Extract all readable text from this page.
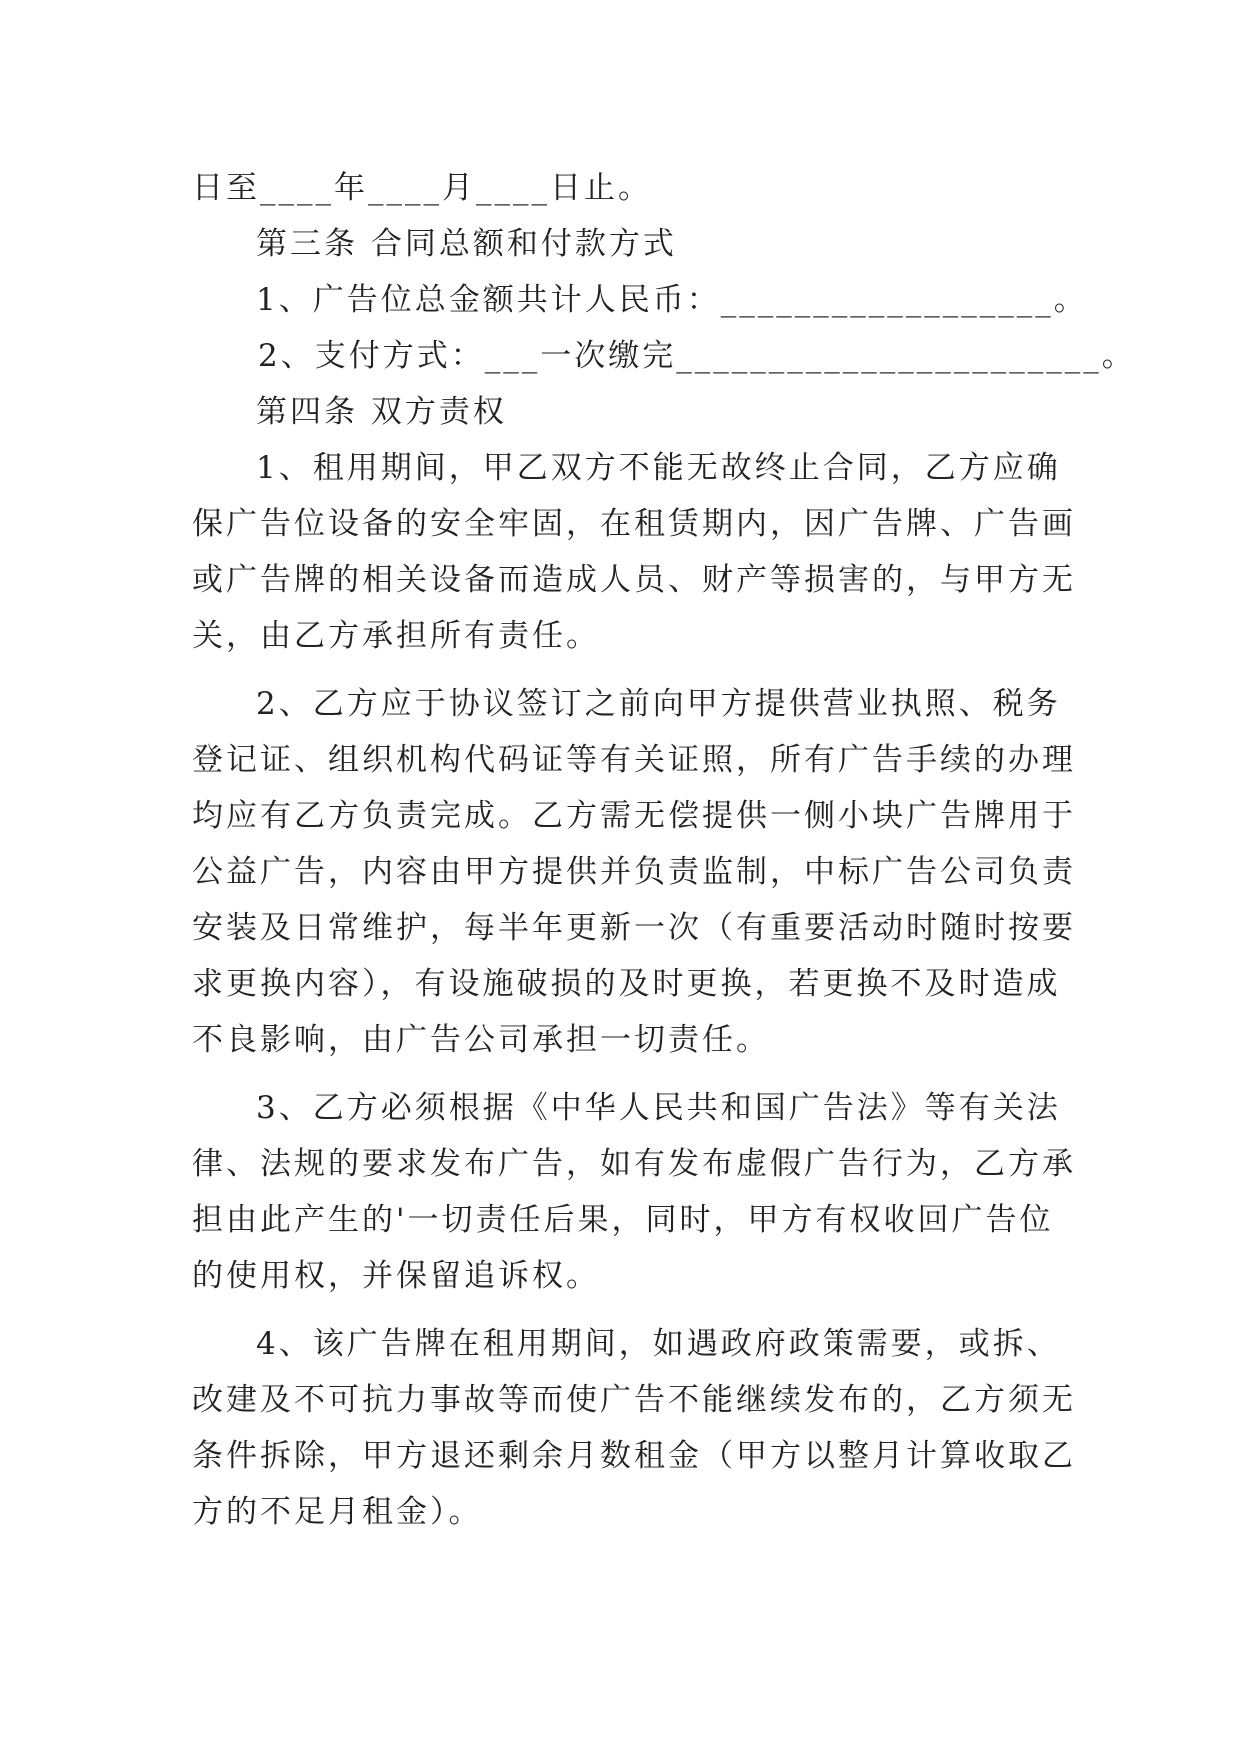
日至____年____月____日止。
第三条 合同总额和付款方式
1、广告位总金额共计人民币：__________________。
2、支付方式：___一次缴完_______________________。
第四条 双方责权
1、租用期间，甲乙双方不能无故终止合同，乙方应确
保广告位设备的安全牢固，在租赁期内，因广告牌、广告画
或广告牌的相关设备而造成人员、财产等损害的，与甲方无
关，由乙方承担所有责任。
2、乙方应于协议签订之前向甲方提供营业执照、税务
登记证、组织机构代码证等有关证照，所有广告手续的办理
均应有乙方负责完成。乙方需无偿提供一侧小块广告牌用于
公益广告，内容由甲方提供并负责监制，中标广告公司负责
安装及日常维护，每半年更新一次（有重要活动时随时按要
求更换内容），有设施破损的及时更换，若更换不及时造成
不良影响，由广告公司承担一切责任。
3、乙方必须根据《中华人民共和国广告法》等有关法
律、法规的要求发布广告，如有发布虚假广告行为，乙方承
担由此产生的'一切责任后果，同时，甲方有权收回广告位
的使用权，并保留追诉权。
4、该广告牌在租用期间，如遇政府政策需要，或拆、
改建及不可抗力事故等而使广告不能继续发布的，乙方须无
条件拆除，甲方退还剩余月数租金（甲方以整月计算收取乙
方的不足月租金）。
